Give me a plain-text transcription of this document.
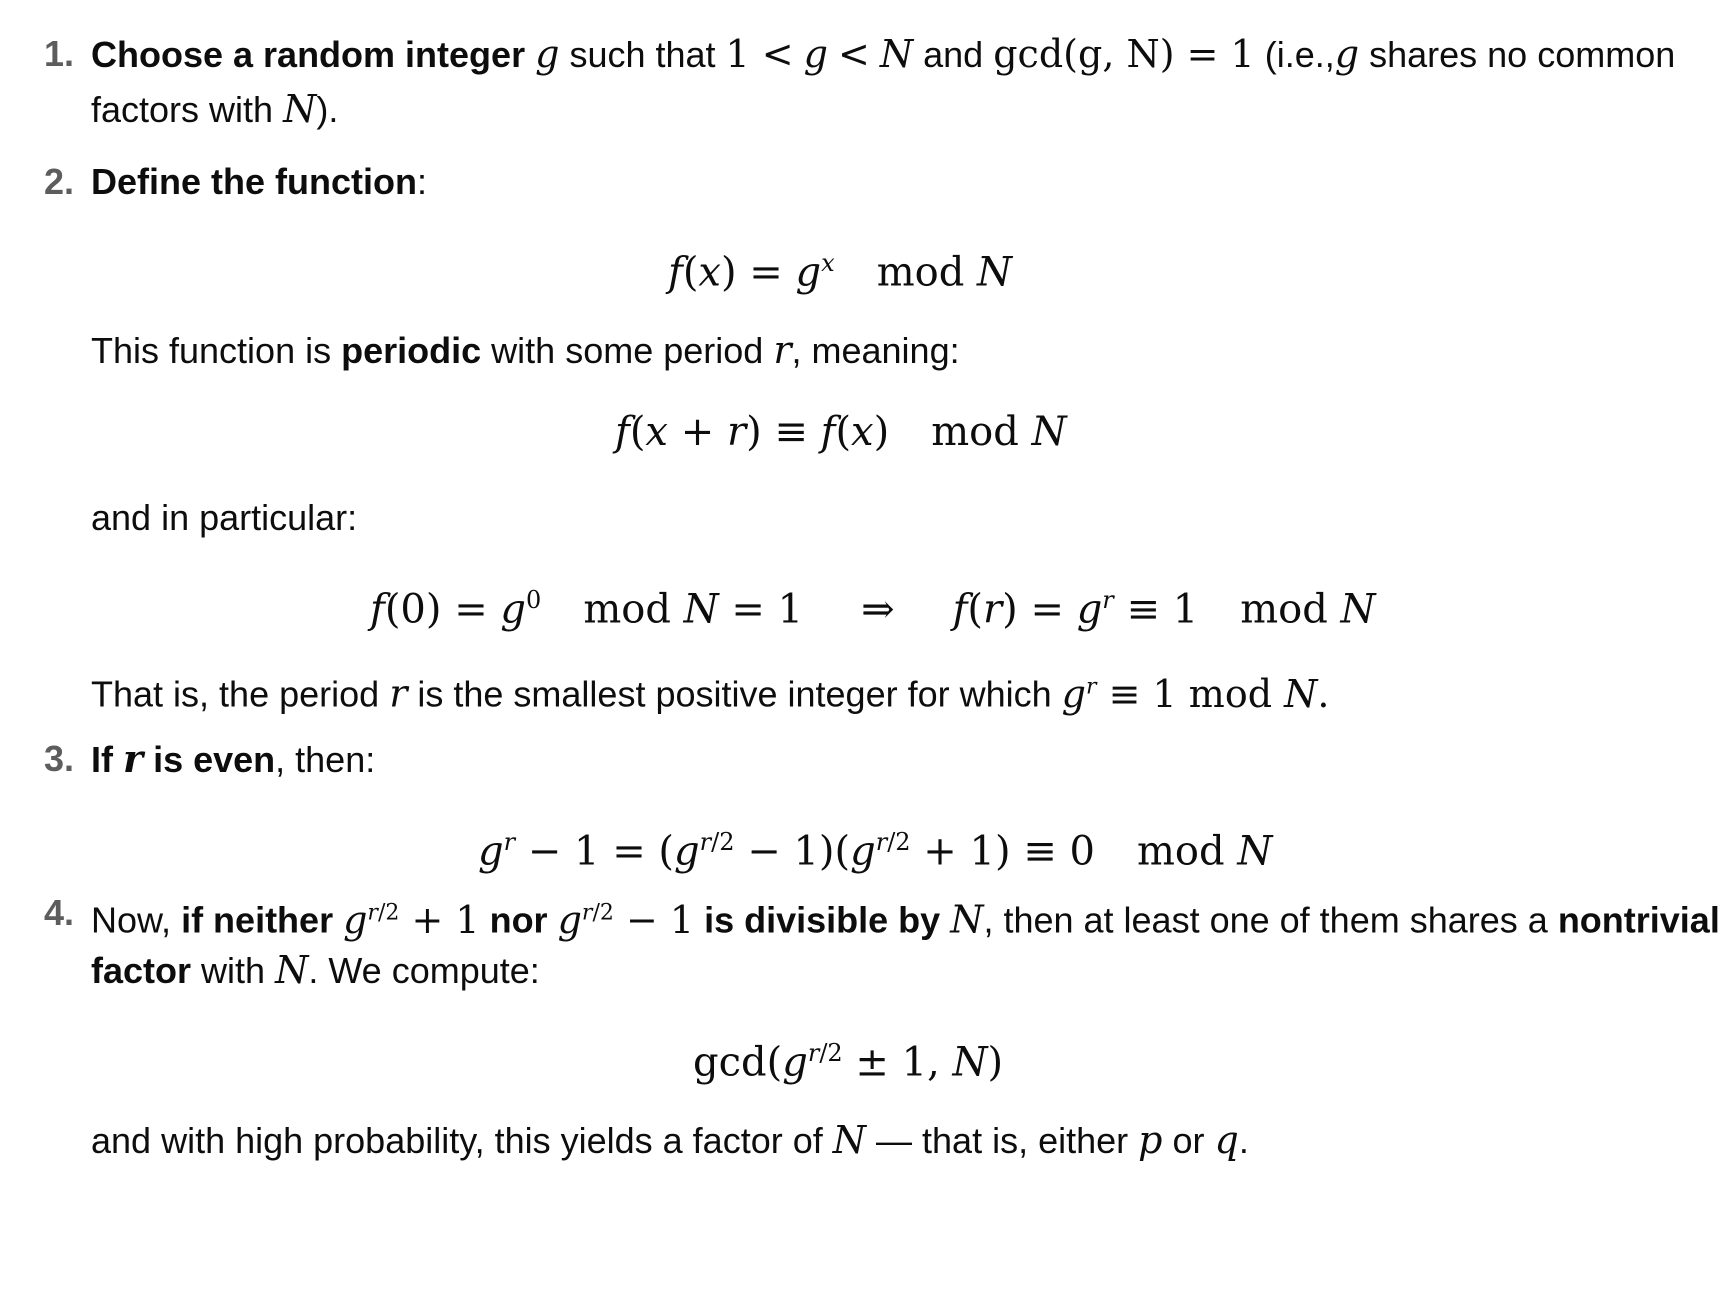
1. Choose a random integer g such that 1 < g < N and gcd(g, N) = 1 (i.e.,g shares no common
factors with N).
2. Define the function:
$f(x) = g^x$ mod N
This function is periodic with some period r, meaning:
f(x + r) ≡ f(x) mod N
and in particular:
$f(0) = g^0$ mod N = 1 ⇒ $f(r) = g^r \equiv 1$ mod N
That is, the period r is the smallest positive integer for which $g^r \equiv 1$ mod N.
3. If r is even, then:
$g^r - 1 = (g^{r/2} - 1)(g^{r/2} + 1) \equiv 0$ mod N
4. Now, if neither $g^{r/2} + 1$ nor $g^{r/2} - 1$ is divisible by N, then at least one of them shares a nontrivial
factor with N. We compute:
$\gcd(g^{r/2} \pm 1$, N)
and with high probability, this yields a factor of N — that is, either p or q.
